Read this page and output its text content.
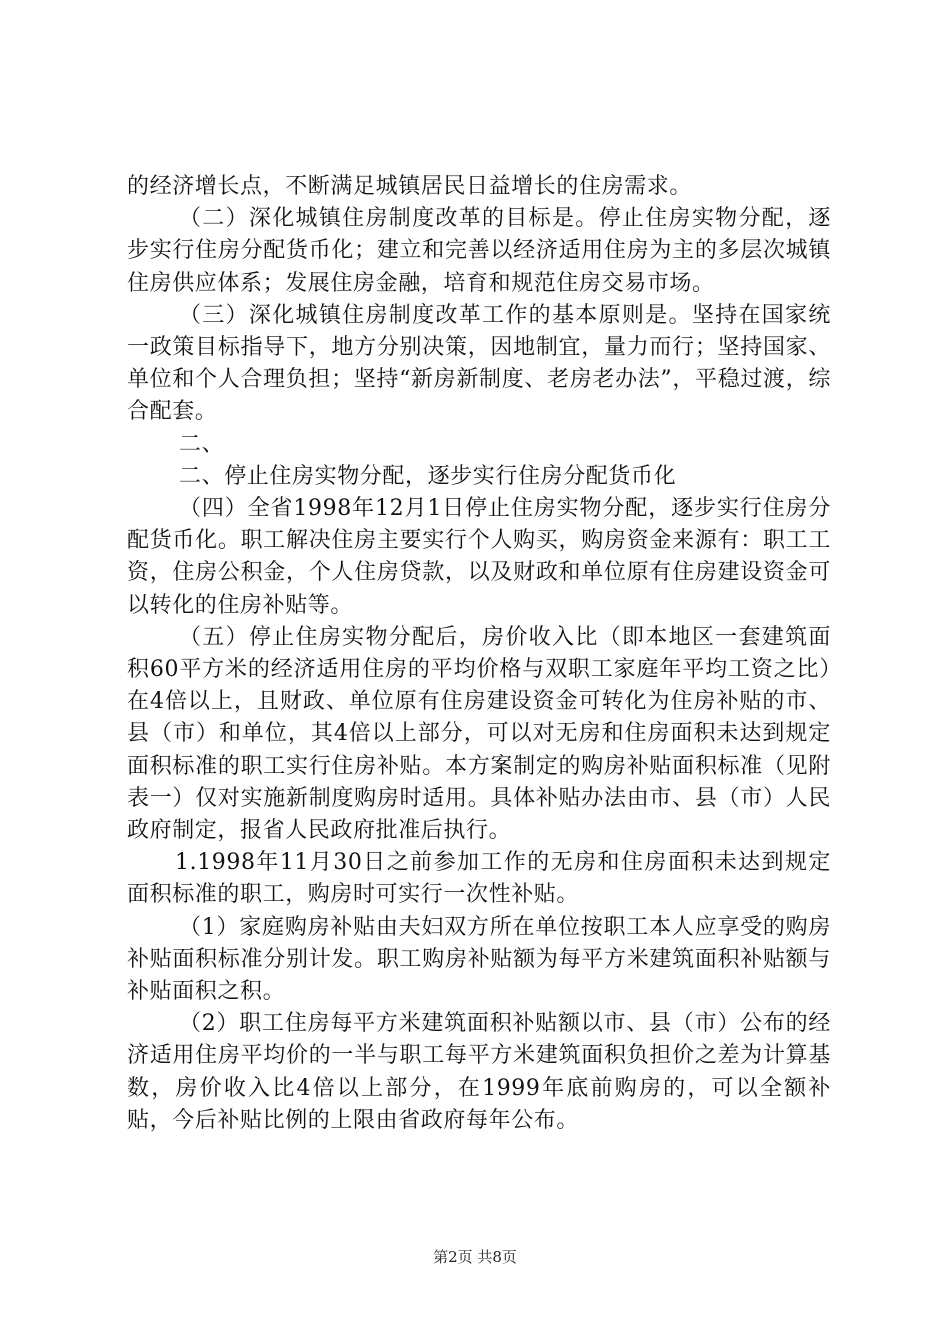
的经济增长点，不断满足城镇居民日益增长的住房需求。

（二）深化城镇住房制度改革的目标是。停止住房实物分配，逐步实行住房分配货币化；建立和完善以经济适用住房为主的多层次城镇住房供应体系；发展住房金融，培育和规范住房交易市场。

（三）深化城镇住房制度改革工作的基本原则是。坚持在国家统一政策目标指导下，地方分别决策，因地制宜，量力而行；坚持国家、单位和个人合理负担；坚持“新房新制度、老房老办法”，平稳过渡，综合配套。

二、

二、停止住房实物分配，逐步实行住房分配货币化

（四）全省1998年12月1日停止住房实物分配，逐步实行住房分配货币化。职工解决住房主要实行个人购买，购房资金来源有：职工工资，住房公积金，个人住房贷款，以及财政和单位原有住房建设资金可以转化的住房补贴等。

（五）停止住房实物分配后，房价收入比（即本地区一套建筑面积60平方米的经济适用住房的平均价格与双职工家庭年平均工资之比）在4倍以上，且财政、单位原有住房建设资金可转化为住房补贴的市、县（市）和单位，其4倍以上部分，可以对无房和住房面积未达到规定面积标准的职工实行住房补贴。本方案制定的购房补贴面积标准（见附表一）仅对实施新制度购房时适用。具体补贴办法由市、县（市）人民政府制定，报省人民政府批准后执行。

1.1998年11月30日之前参加工作的无房和住房面积未达到规定面积标准的职工，购房时可实行一次性补贴。

（1）家庭购房补贴由夫妇双方所在单位按职工本人应享受的购房补贴面积标准分别计发。职工购房补贴额为每平方米建筑面积补贴额与补贴面积之积。

（2）职工住房每平方米建筑面积补贴额以市、县（市）公布的经济适用住房平均价的一半与职工每平方米建筑面积负担价之差为计算基数，房价收入比4倍以上部分，在1999年底前购房的，可以全额补贴，今后补贴比例的上限由省政府每年公布。

第2页 共8页
